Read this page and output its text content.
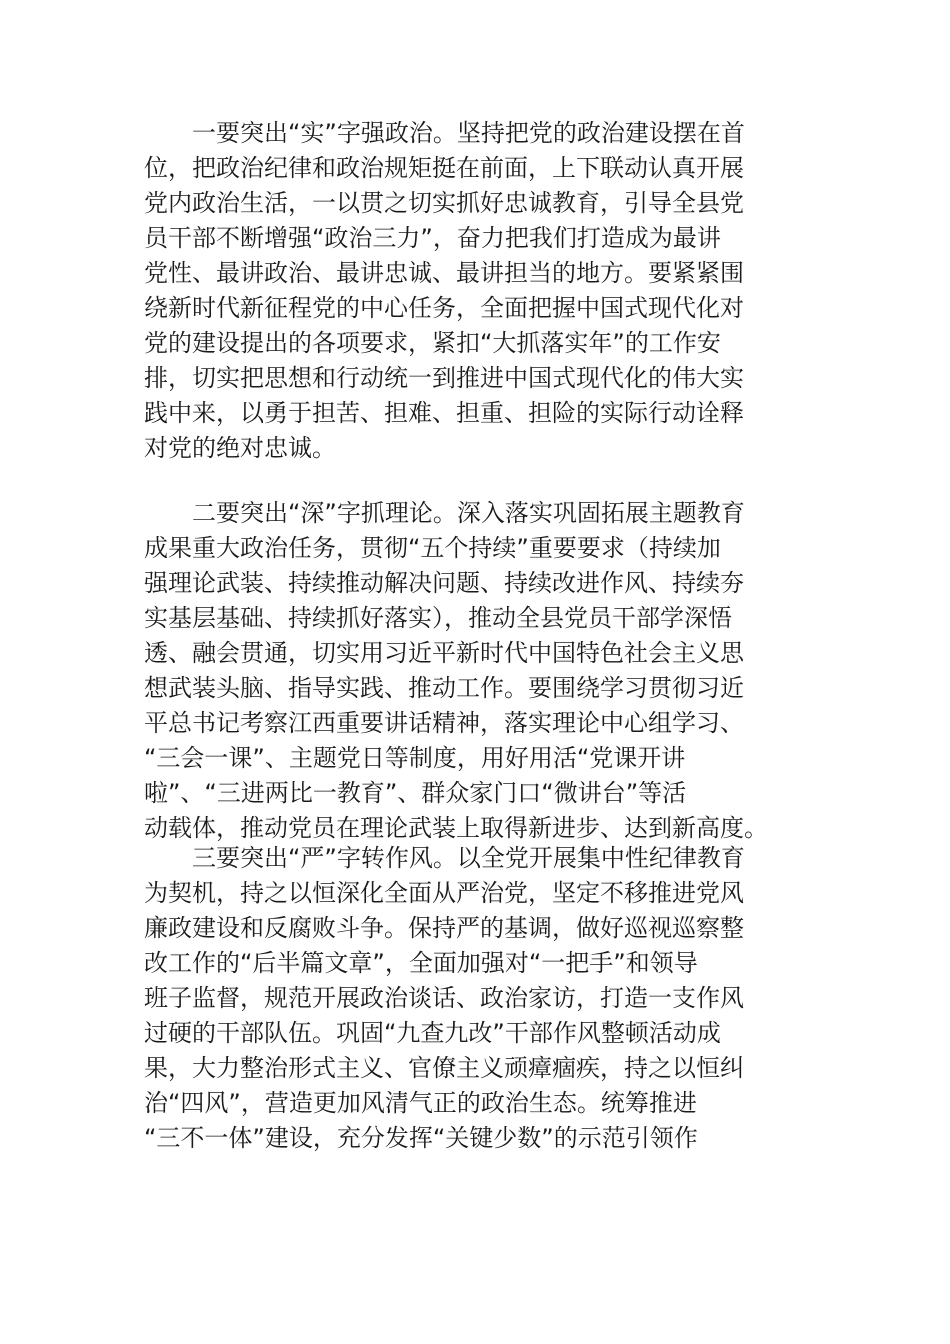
　　一要突出“实”字强政治。坚持把党的政治建设摆在首
位，把政治纪律和政治规矩挺在前面，上下联动认真开展
党内政治生活，一以贯之切实抓好忠诚教育，引导全县党
员干部不断增强“政治三力”，奋力把我们打造成为最讲
党性、最讲政治、最讲忠诚、最讲担当的地方。要紧紧围
绕新时代新征程党的中心任务，全面把握中国式现代化对
党的建设提出的各项要求，紧扣“大抓落实年”的工作安
排，切实把思想和行动统一到推进中国式现代化的伟大实
践中来，以勇于担苦、担难、担重、担险的实际行动诠释
对党的绝对忠诚。
　　二要突出“深”字抓理论。深入落实巩固拓展主题教育
成果重大政治任务，贯彻“五个持续”重要要求（持续加
强理论武装、持续推动解决问题、持续改进作风、持续夯
实基层基础、持续抓好落实），推动全县党员干部学深悟
透、融会贯通，切实用习近平新时代中国特色社会主义思
想武装头脑、指导实践、推动工作。要围绕学习贯彻习近
平总书记考察江西重要讲话精神，落实理论中心组学习、
“三会一课”、主题党日等制度，用好用活“党课开讲
啦”、“三进两比一教育”、群众家门口“微讲台”等活
动载体，推动党员在理论武装上取得新进步、达到新高度。
　　三要突出“严”字转作风。以全党开展集中性纪律教育
为契机，持之以恒深化全面从严治党，坚定不移推进党风
廉政建设和反腐败斗争。保持严的基调，做好巡视巡察整
改工作的“后半篇文章”，全面加强对“一把手”和领导
班子监督，规范开展政治谈话、政治家访，打造一支作风
过硬的干部队伍。巩固“九查九改”干部作风整顿活动成
果，大力整治形式主义、官僚主义顽瘴痼疾，持之以恒纠
治“四风”，营造更加风清气正的政治生态。统筹推进
“三不一体”建设，充分发挥“关键少数”的示范引领作
